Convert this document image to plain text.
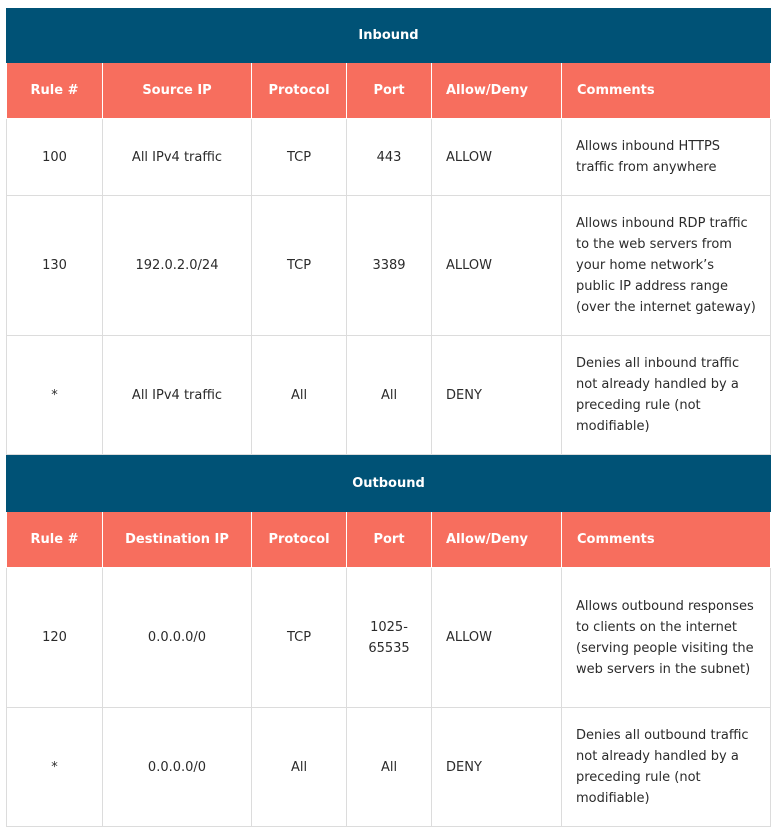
Inbound					
Rule #	Source IP	Protocol	Port	Allow/Deny	Comments
100	All IPv4 traffic	TCP	443	ALLOW	Allows inbound HTTPS traffic from anywhere
130	192.0.2.0/24	TCP	3389	ALLOW	Allows inbound RDP traffic to the web servers from your home network’s public IP address range (over the internet gateway)
*	All IPv4 traffic	All	All	DENY	Denies all inbound traffic not already handled by a preceding rule (not modifiable)
Outbound					
Rule #	Destination IP	Protocol	Port	Allow/Deny	Comments
120	0.0.0.0/0	TCP	1025-65535	ALLOW	Allows outbound responses to clients on the internet (serving people visiting the web servers in the subnet)
*	0.0.0.0/0	All	All	DENY	Denies all outbound traffic not already handled by a preceding rule (not modifiable)
